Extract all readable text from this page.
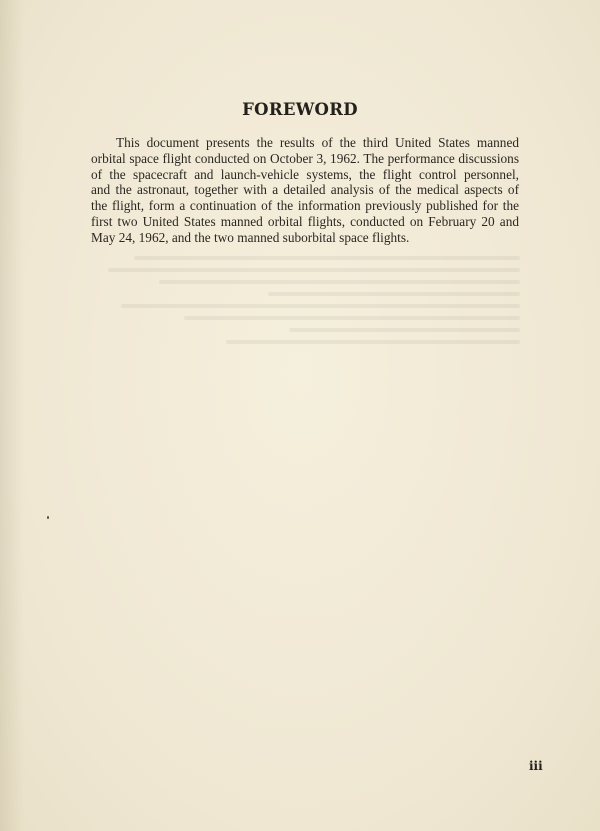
FOREWORD

This document presents the results of the third United States manned
orbital space flight conducted on October 3, 1962. The performance discussions
of the spacecraft and launch-vehicle systems, the flight control personnel,
and the astronaut, together with a detailed analysis of the medical aspects of
the flight, form a continuation of the information previously published for the
first two United States manned orbital flights, conducted on February 20 and
May 24, 1962, and the two manned suborbital space flights.

iii
